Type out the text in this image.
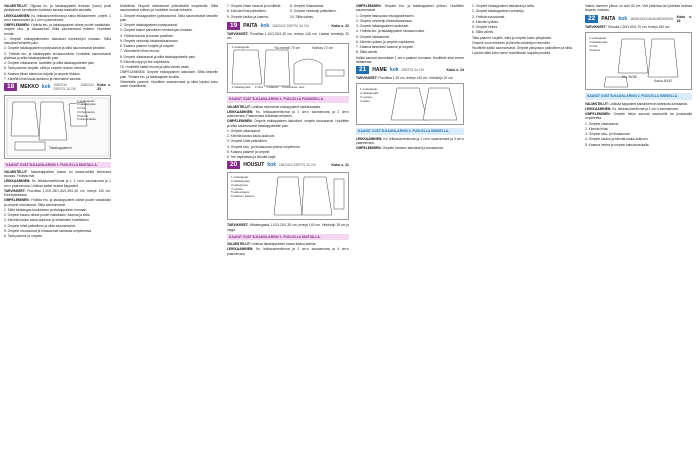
VALMISTELUT: Oljyvaa ris- ja takakappaleet leveaan (vanu) puoli yksittaiseen kerrokseen kankaan kanssa tasaisella alustalla.

LEIKKAAMINEN: Ks. leikkausmerkinnat ja katso leikkaaminen -ohjeet. 1 cm:n saumanvara ja 1 cm:n paarmevara.

OMPELEMINEN: Yhdista etu- ja takakappaleet oikeat puolet vastakkain, ompele sivu- ja olkasaumat. Silita saumanvarat erilleen. Huolittele reunat.

1. Ompele etukappaleeseen laskokset merkintojen mukaan. Silita laskokset keskelle pain.

2. Ompele takakappaleen pystysaumat ja silita saumanvarat keskelle.

3. Yhdista etu- ja takakappale sivusaumoista. Huolittele saumanvarat yhdessa ja silita takakappaleelle pain.

4. Ompele olkasaumat, huolittele ja silita takakappaleelle pain.

5. Taita paarme nurjalle, silita ja ompele reunan vierestä.

6. Kaanna hihan alareuna nurjalle ja ompele tikkaus.

7. Kiinnitä hihat kaula-aukkoon ja viimeistele saumat.

18	MEKKO kok 1MD0110 1MD0110 2SEFS1 34 CM
Koko s. 23
1 etukappale
2 takakappale
3 hiha
4 hiha-kaulus
5 kaulus
6 taskusuikale
Takakappaleen
KAAVAT OVAT B-KAAVA-ARKIN 1. PUOLELLA MUSTALLA.

VALMISTELUT: Taskukappaleen kaava on kaava-arkilla kehdossa sivussa. Yhdista mat.

LEIKKAAMINEN: Ks. leikkausmerkinnat ja 1. 1 cm:n saumanvara ja 1 cm:n paarmevara. Leikkaa kaikki mustat kappaleet.

TARVIKKEET: Puuvillaa 1,20/1,25/1,30/1,35/1,40 cm, leveys 140 cm. Kiinnitystikkaus.

OMPELEMINEN: Yhdista etu- ja takakappaleet oikeat puolet vastakkain ja ompele sivusaumat. Silita saumanvarat.

1. Silita tukikangas kaulukseen ja etukappaleen reunaan.

2. Ompele kaulus oikeat puolet vastakkain, kaanna ja silita.

3. Kiinnitä kaulus kaula-aukkoon ja viimeistele huolitteluun.

4. Ompele hihat paikoilleen ja silita saumanvarat.

5. Ompele sivusaumat ja hihasaumat samassa ompeleessa.

6. Taita paarme ja ompele.

Muistilista: Ompele sisäsaumat yhtenäisellä ompeleella. Silitä saumanvarat erilleen ja huolittele reunat erikseen.

1. Ompele etukappaleen pystysaumat. Silita saumanvarat keskelle pain.

2. Ompele takakappaleen pystysaumat.

3. Ompele taskut paikoilleen merkintojen mukaan.

4. Yhdista kaulus ja kaulan paallinen.

5. Ompele vetoketju takakeskisaumaan.

6. Kaanna paarme nurjalle ja ompele.

7. Viimeistele hihan reunat.

8. Ompele olkasaumat ja silita takakappaleelle pain.

9. Kiinnitä nappi ja tee napinlaves.

10. Huolittele kaikki reunat ja silita valmis vaate.

OMPELEMINEN: Ompele etukappaleen laskokset. Silita keskelle pain. Yhdista etu- ja takakappale sivuilta.

Viimeistele paarme. Huolittele saumanvarat ja silita lopuksi koko vaate huolellisesti.

7. Ompele hihan saumat ja huolittele.

8. Kiinnita hihat paikoilleen.

9. Ompele kaulus ja kaanna.

8. Ompele hihasaumat.

9. Ompele vetoketju paikoilleen.

10. Silita valmis.

19	PAITA kok 1MD0110 2SEFS1 34 CM	Koko s. 22

TARVIKKEET: Puuvillaa 1,10/1,20/1,30 cm, leveys 145 cm. Lisaksi vetoketju 20 cm.

1 etukappale	Yla-merkki 70 cm	Hartiaa 72 cm
2 takakappale 3 hiha 4 kaulus 5 kauluksen alus
KAAVAT OVAT B-KAAVA-ARKIN 1. PUOLELLA PUNAISELLA.

VALMISTELUT: Leikkaa molemmat etukappaleet tukikankaasta.

LEIKKAAMINEN: Ks. leikkausmerkinnat ja 1 cm:n saumanvara ja 2 cm:n paarmevara. Paarmevara leikataan erikseen.

OMPELEMINEN: Ompele etukappaleen laskokset, ompele sivusaumat. Huolittele ja silita saumanvarat takakappaleelle pain.

1. Ompele olkasaumat.

2. Kiinnita kaulus kaula-aukkoon.

3. Ompele hihat paikoilleen.

4. Ompele sivu- ja hihasaumat yhtena ompeleena.

5. Kaanna paarme ja ompele.

6. Tee napinlaves ja kiinnita napit.

20	HOUSUT kok 1MD0110 2SEFS1 34 CM	Koko s. 21
1 etukappale
2 takakappale
3 taskupussi
4 vyotaro
5 taskunkansi
6 lahkeen kaanne

TARVIKKEET: Villakangasta 1,10/1,20/1,30 cm, leveys 140 cm. Vetoketju 18 cm ja nappi.

KAAVAT OVAT B-KAAVA-ARKIN 1. PUOLELLA MUSTALLA.

VALMISTELUT: Leikkaa takakappaleen kaava kaava-arkista.

LEIKKAAMINEN: Ks. leikkausmerkinnat ja 1 cm:n saumanvara ja 4 cm:n paarmevara.

OMPELEMINEN: Ompele etu- ja takakappaleet yhteen. Huolittele saumanvarat.

1. Ompele taskupussi etukappaleeseen.

2. Ompele vetoketju etukeskisaumaan.

3. Ompele takakappaleen laskokset.

4. Yhdista etu- ja takakappaleet sivusaumoista.

5. Ompele sisasaumat.

6. Kiinnita vyotaro ja ompele napinlaves.

7. Kaanna lahkeiden kaanne ja ompele.

8. Silita valmis.

Kaikki saumat ommellaan 1 cm:n paahan reunasta. Huolittele aina ennen silittamista.

21	HAME kok 3SEFS1 34 CM	Koko s. 24

TARVIKKEET: Puuvillaa 1,30 cm, leveys 140 cm. Vetoketju 20 cm.

1 etukappale
2 takakappale
3 vyotaro
4 tasku
KAAVAT OVAT B-KAAVA-ARKIN 2. PUOLELLA SINISELLA.

LEIKKAAMINEN: Ks. leikkausmerkinnat ja 1 cm:n saumanvara ja 3 cm:n paarmevara.

OMPELEMINEN: Ompele hameen laskokset ja sivusaumat.

1. Ompele etukappaleen laskokset ja silita.

2. Ompele takakappaleen vetoketju.

3. Yhdista sivusaumat.

4. Kiinnita vyotaro.

5. Ompele helma.

6. Silita valmis.

Taita paarme nurjalle, silita ja ompele kasin piilopistoin.

Ompele vuori erikseen ja kiinnita vetoketjun reunoihin.

Huolittele kaikki saumanvarat. Ompele ylavyotaro paikoilleen ja silita.

Lopuksi silita koko hame huolellisesti nurjalta puolelta.

Valmis hameen pituus on noin 60 cm. Voit pidentaa tai lyhentaa helmaa tarpeen mukaan.

22	PAITA kok 36/38/40/42/44/46/48/50/52/54
Koko s. 24

TARVIKKEET: Trikoota 1,50/1,60/1,70 cm, leveys 150 cm.

1 etukappale
2 takakappale
3 hiha
4 kaulus
Etu 36/38
Kaula 40/42
KAAVAT OVAT B-KAAVA-ARKIN 2. PUOLELLA SINISELLA.

VALMISTELUT: Leikkaa kappaleet kaksinkerroin taitetusta kankaasta.

LEIKKAAMINEN: Ks. leikkausmerkinnat ja 1 cm:n saumanvara.

OMPELEMINEN: Ompele trikoo saumat saumurilla tai joustavalla ompeleella.

1. Ompele olkasaumat.

2. Kiinnita hihat.

3. Ompele sivu- ja hihasaumat.

4. Ompele kaulus ja kiinnita kaula-aukkoon.

5. Kaanna helma ja ompele kaksoisneulalla.
